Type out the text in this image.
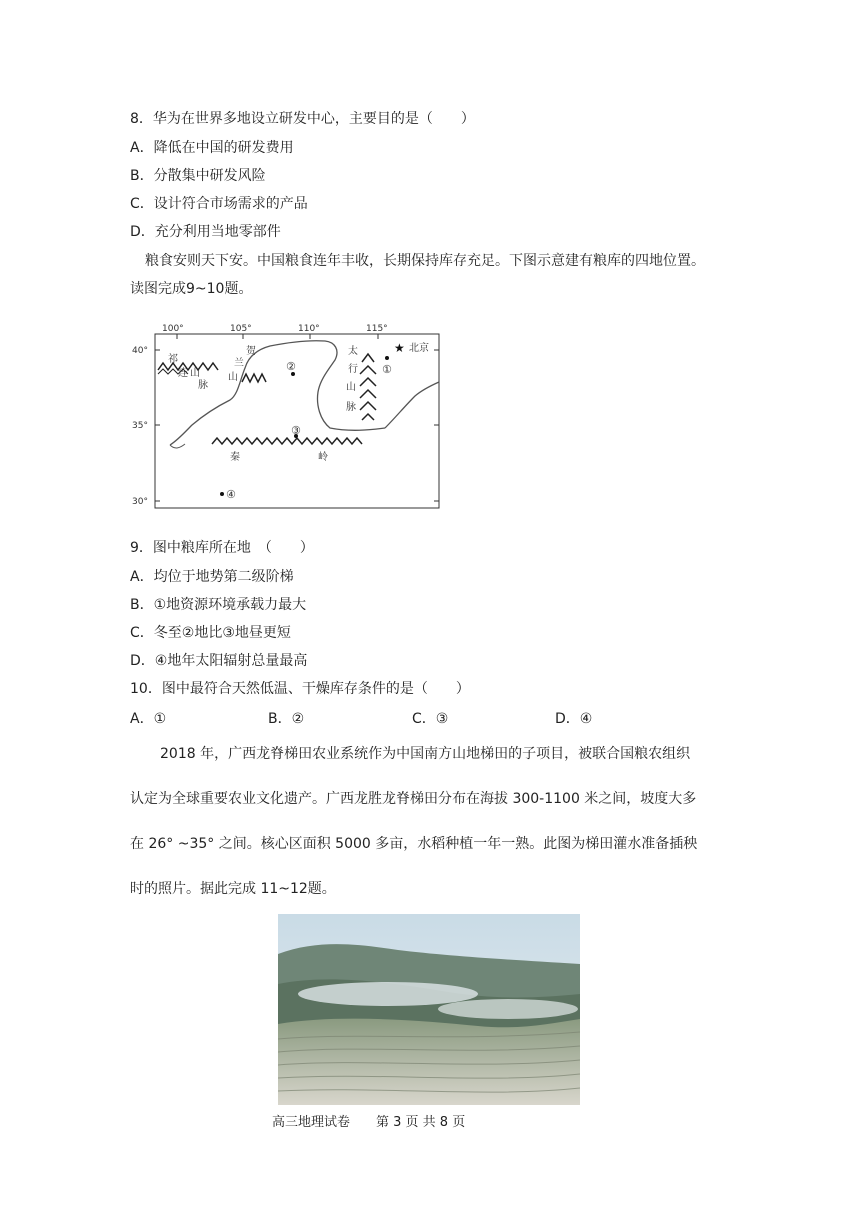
8．华为在世界多地设立研发中心，主要目的是（　　）
A．降低在中国的研发费用
B．分散集中研发风险
C．设计符合市场需求的产品
D．充分利用当地零部件
粮食安则天下安。中国粮食连年丰收，长期保持库存充足。下图示意建有粮库的四地位置。
读图完成9~10题。
100°	105°	110°	115°
40°
35°
30°
祁
连 山
脉
贺
兰
山
太
行
山
脉
秦	岭
★ 北京
①
②
③
④
9．图中粮库所在地　（　　）
A．均位于地势第二级阶梯
B．①地资源环境承载力最大
C．冬至②地比③地昼更短
D．④地年太阳辐射总量最高
10．图中最符合天然低温、干燥库存条件的是（　　）
A．①	B．②	C．③	D．④
2018 年，广西龙脊梯田农业系统作为中国南方山地梯田的子项目，被联合国粮农组织
认定为全球重要农业文化遗产。广西龙胜龙脊梯田分布在海拔 300-1100 米之间，坡度大多
在 26° ~35° 之间。核心区面积 5000 多亩，水稻种植一年一熟。此图为梯田灌水准备插秧
时的照片。据此完成 11~12题。
高三地理试卷　　第 3 页 共 8 页
